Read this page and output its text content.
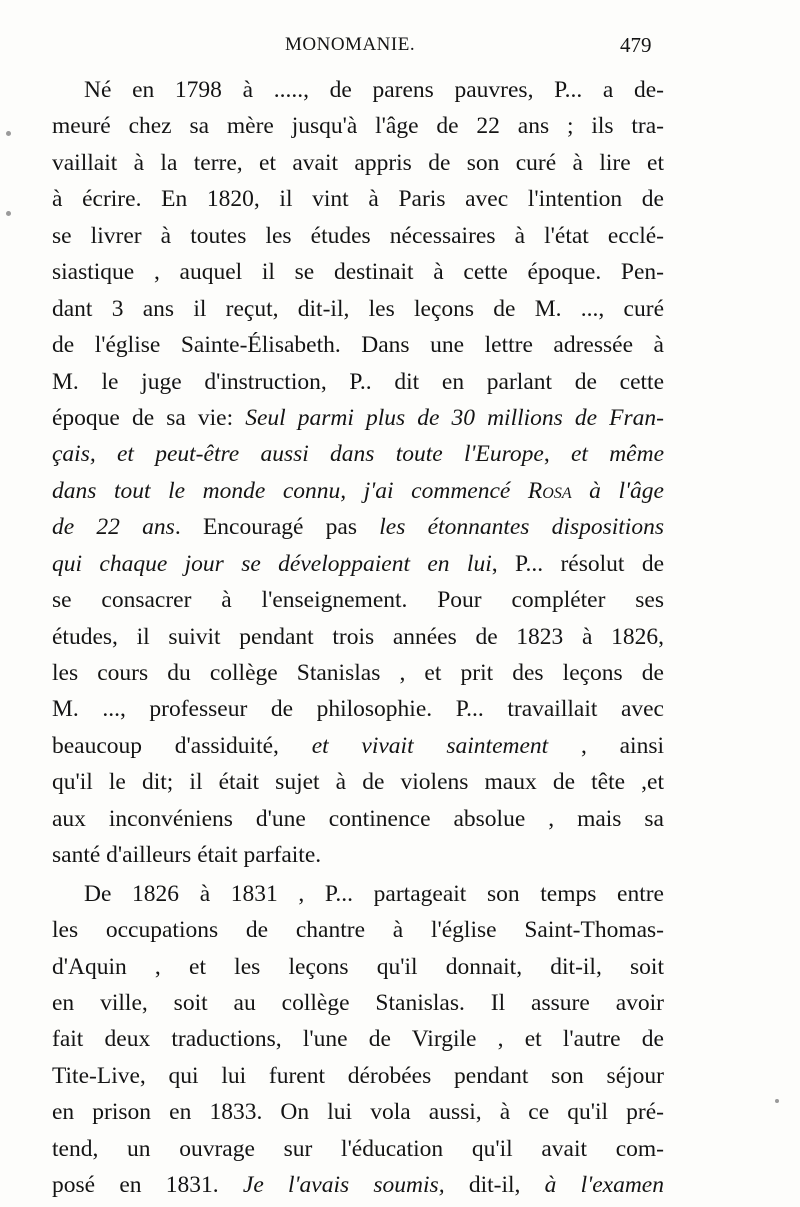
MONOMANIE.	479
Né en 1798 à ....., de parens pauvres, P... a de-
meuré chez sa mère jusqu'à l'âge de 22 ans ; ils tra-
vaillait à la terre, et avait appris de son curé à lire et
à écrire. En 1820, il vint à Paris avec l'intention de
se livrer à toutes les études nécessaires à l'état ecclé-
siastique , auquel il se destinait à cette époque. Pen-
dant 3 ans il reçut, dit-il, les leçons de M. ..., curé
de l'église Sainte-Élisabeth. Dans une lettre adressée à
M. le juge d'instruction, P.. dit en parlant de cette
époque de sa vie: Seul parmi plus de 30 millions de Fran-
çais, et peut-être aussi dans toute l'Europe, et même
dans tout le monde connu, j'ai commencé Rosa à l'âge
de 22 ans. Encouragé pas les étonnantes dispositions
qui chaque jour se développaient en lui, P... résolut de
se consacrer à l'enseignement. Pour compléter ses
études, il suivit pendant trois années de 1823 à 1826,
les cours du collège Stanislas , et prit des leçons de
M. ..., professeur de philosophie. P... travaillait avec
beaucoup d'assiduité, et vivait saintement , ainsi
qu'il le dit; il était sujet à de violens maux de tête ,et
aux inconvéniens d'une continence absolue , mais sa
santé d'ailleurs était parfaite.
De 1826 à 1831 , P... partageait son temps entre
les occupations de chantre à l'église Saint-Thomas-
d'Aquin , et les leçons qu'il donnait, dit-il, soit
en ville, soit au collège Stanislas. Il assure avoir
fait deux traductions, l'une de Virgile , et l'autre de
Tite-Live, qui lui furent dérobées pendant son séjour
en prison en 1833. On lui vola aussi, à ce qu'il pré-
tend, un ouvrage sur l'éducation qu'il avait com-
posé en 1831. Je l'avais soumis, dit-il, à l'examen
